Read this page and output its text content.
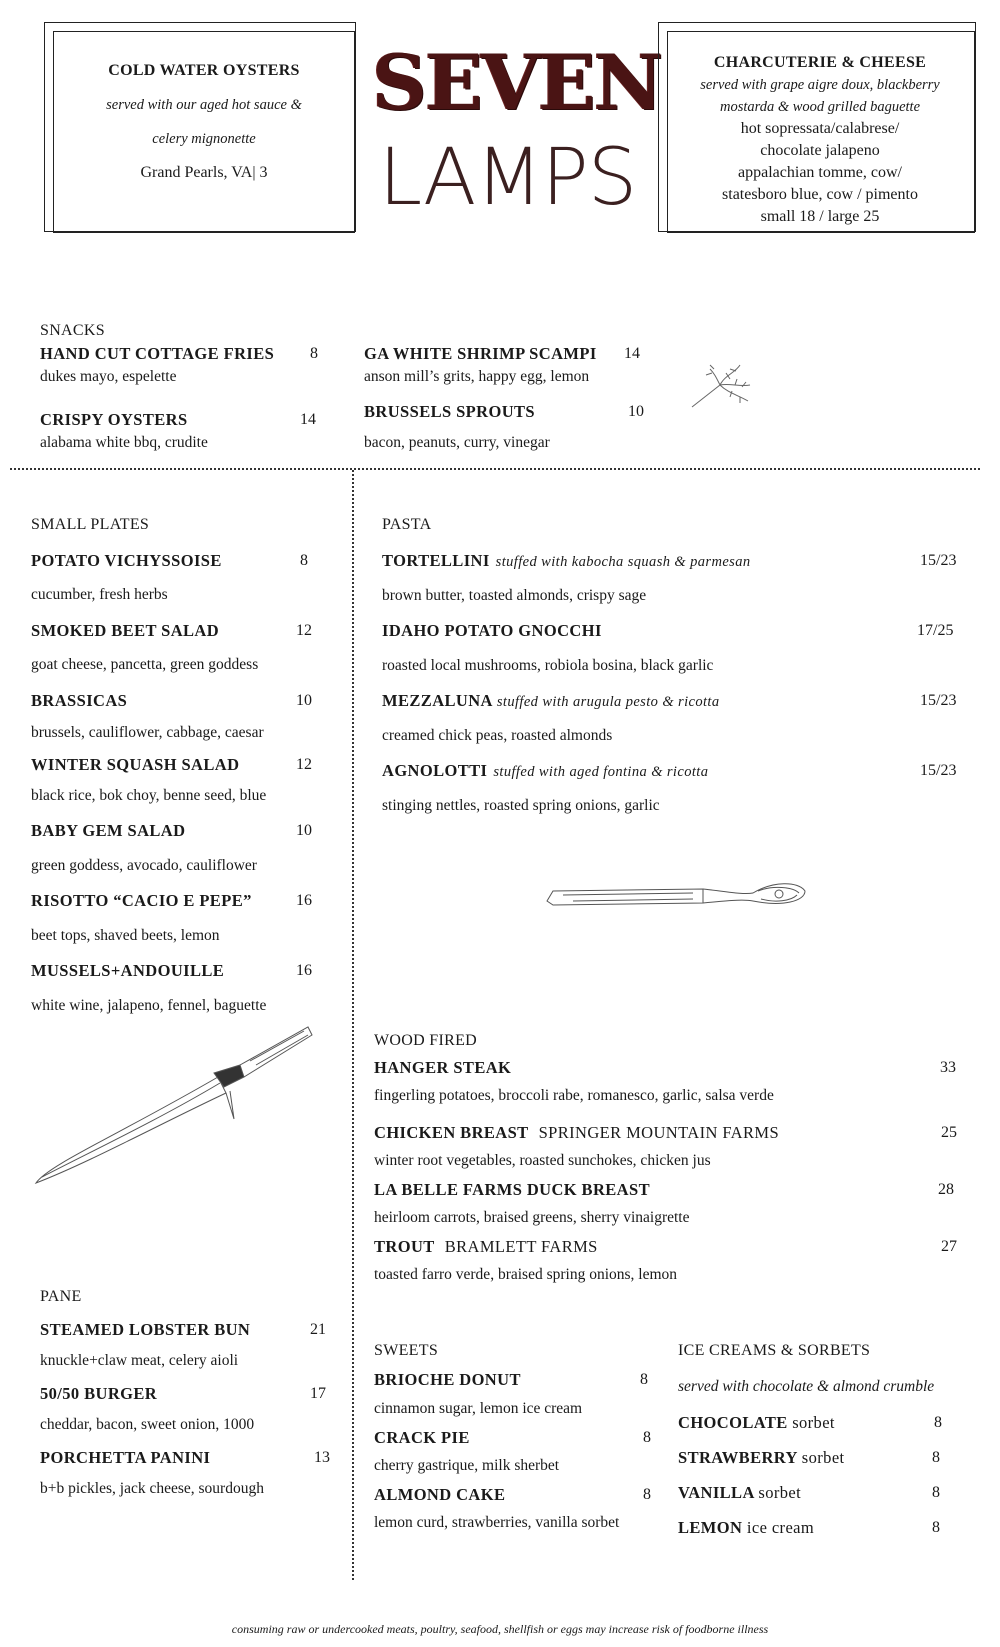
COLD WATER OYSTERS
served with our aged hot sauce &
celery mignonette
Grand Pearls, VA| 3
SEVEN
LAMPS
CHARCUTERIE & CHEESE
served with grape aigre doux, blackberry
mostarda & wood grilled baguette
hot sopressata/calabrese/
chocolate jalapeno
appalachian tomme, cow/
statesboro blue, cow / pimento
small 18 / large 25
SNACKS
HAND CUT COTTAGE FRIES 8
dukes mayo, espelette
CRISPY OYSTERS	14
alabama white bbq, crudite
GA WHITE SHRIMP SCAMPI 14
anson mill’s grits, happy egg, lemon
BRUSSELS SPROUTS	10
bacon, peanuts, curry, vinegar
SMALL PLATES
POTATO VICHYSSOISE	8
cucumber, fresh herbs
SMOKED BEET SALAD	12
goat cheese, pancetta, green goddess
BRASSICAS	10
brussels, cauliflower, cabbage, caesar
WINTER SQUASH SALAD	12
black rice, bok choy, benne seed, blue
BABY GEM SALAD	10
green goddess, avocado, cauliflower
RISOTTO “CACIO E PEPE”	16
beet tops, shaved beets, lemon
MUSSELS+ANDOUILLE	16
white wine, jalapeno, fennel, baguette
PASTA
TORTELLINI stuffed with kabocha squash & parmesan	15/23
brown butter, toasted almonds, crispy sage
IDAHO POTATO GNOCCHI	17/25
roasted local mushrooms, robiola bosina, black garlic
MEZZALUNA stuffed with arugula pesto & ricotta	15/23
creamed chick peas, roasted almonds
AGNOLOTTI stuffed with aged fontina & ricotta	15/23
stinging nettles, roasted spring onions, garlic
WOOD FIRED
HANGER STEAK	33
fingerling potatoes, broccoli rabe, romanesco, garlic, salsa verde
CHICKEN BREAST SPRINGER MOUNTAIN FARMS	25
winter root vegetables, roasted sunchokes, chicken jus
LA BELLE FARMS DUCK BREAST	28
heirloom carrots, braised greens, sherry vinaigrette
TROUT BRAMLETT FARMS	27
toasted farro verde, braised spring onions, lemon
PANE
STEAMED LOBSTER BUN	21
knuckle+claw meat, celery aioli
50/50 BURGER	17
cheddar, bacon, sweet onion, 1000
PORCHETTA PANINI	13
b+b pickles, jack cheese, sourdough
SWEETS
BRIOCHE DONUT	8
cinnamon sugar, lemon ice cream
CRACK PIE	8
cherry gastrique, milk sherbet
ALMOND CAKE	8
lemon curd, strawberries, vanilla sorbet
ICE CREAMS & SORBETS
served with chocolate & almond crumble
CHOCOLATE sorbet	8
STRAWBERRY sorbet	8
VANILLA sorbet	8
LEMON ice cream	8
consuming raw or undercooked meats, poultry, seafood, shellfish or eggs may increase risk of foodborne illness
